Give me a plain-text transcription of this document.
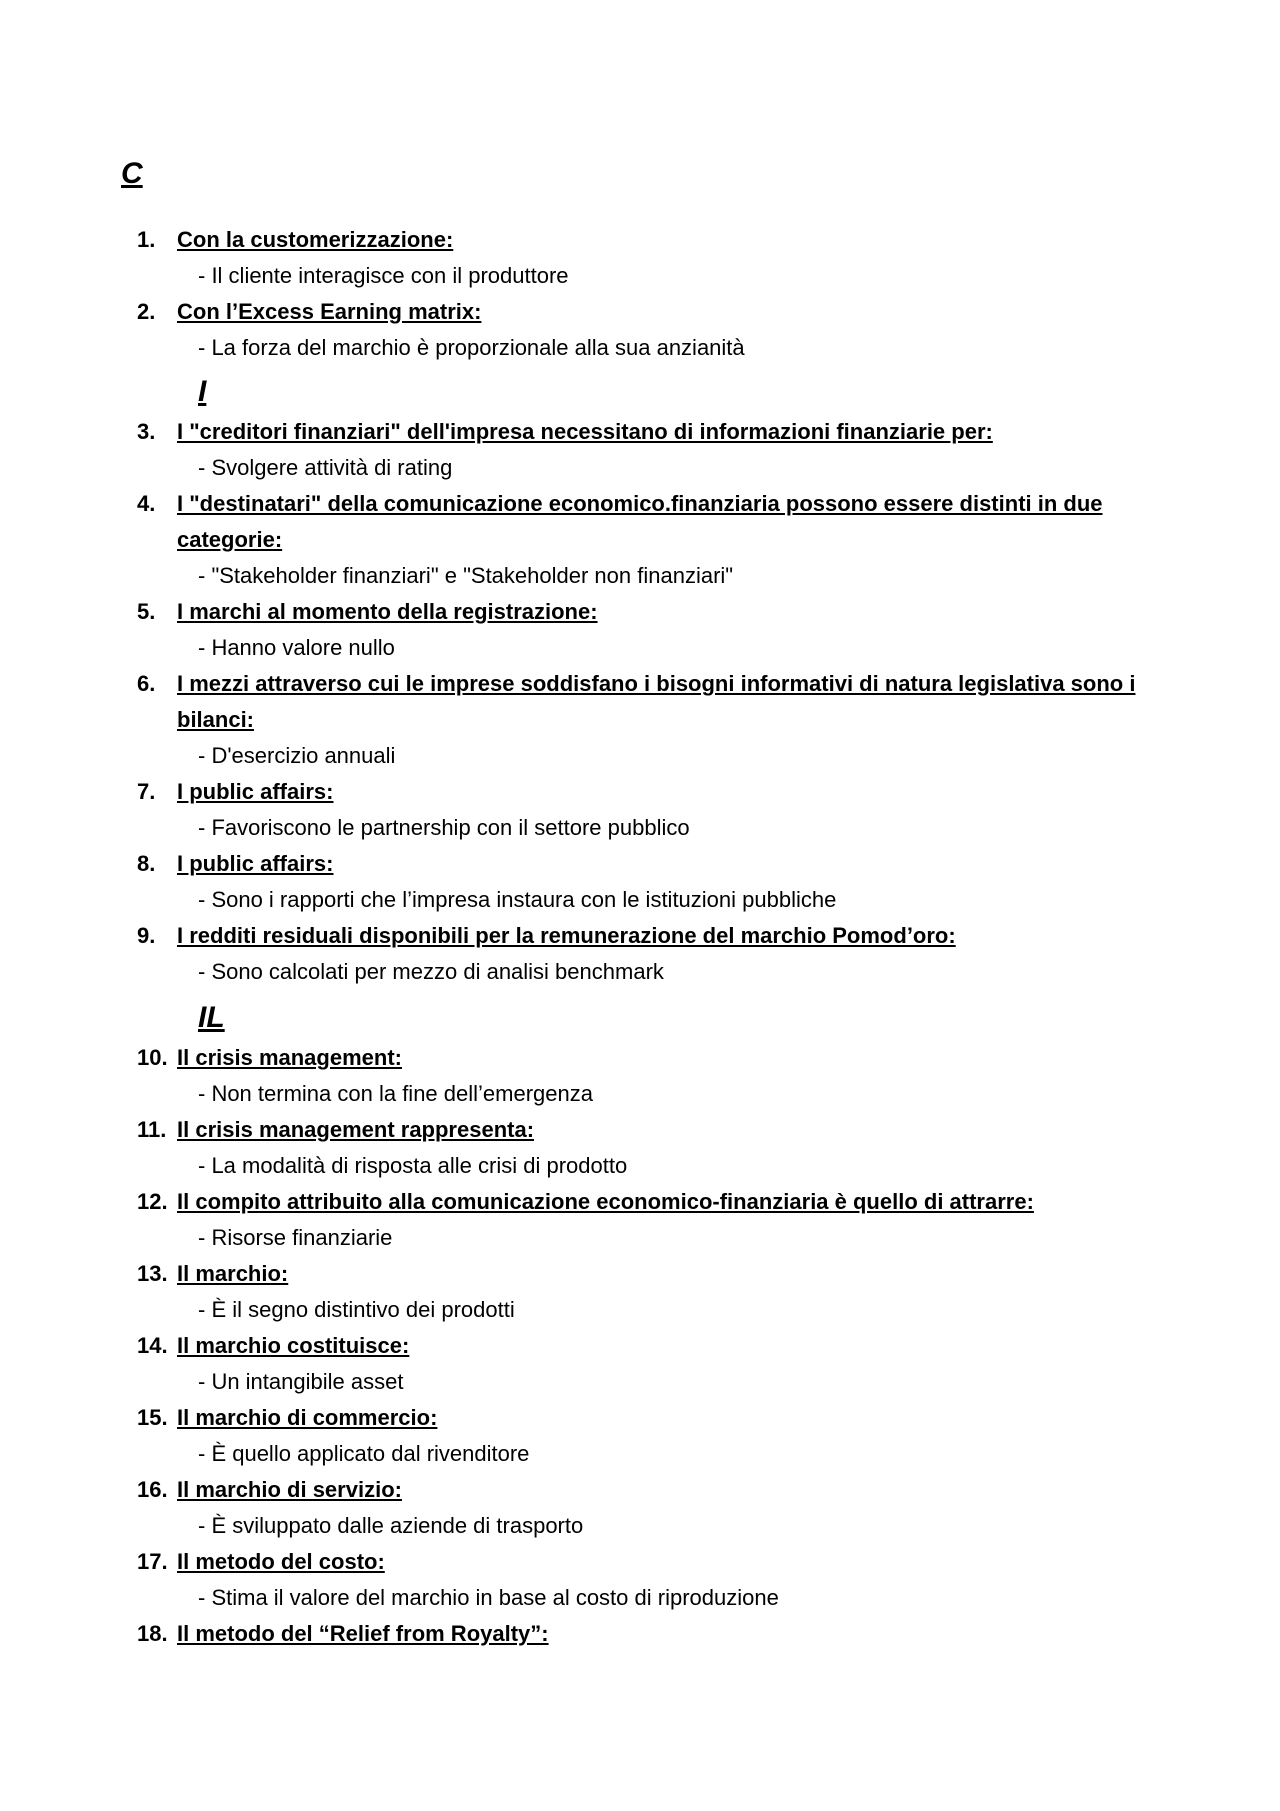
C
1. Con la customerizzazione:
- Il cliente interagisce con il produttore
2. Con l’Excess Earning matrix:
- La forza del marchio è proporzionale alla sua anzianità
I
3. I "creditori finanziari" dell'impresa necessitano di informazioni finanziarie per:
- Svolgere attività di rating
4. I "destinatari" della comunicazione economico.finanziaria possono essere distinti in due categorie:
- "Stakeholder finanziari" e "Stakeholder non finanziari"
5. I marchi al momento della registrazione:
- Hanno valore nullo
6. I mezzi attraverso cui le imprese soddisfano i bisogni informativi di natura legislativa sono i bilanci:
- D'esercizio annuali
7. I public affairs:
- Favoriscono le partnership con il settore pubblico
8. I public affairs:
- Sono i rapporti che l’impresa instaura con le istituzioni pubbliche
9. I redditi residuali disponibili per la remunerazione del marchio Pomod’oro:
- Sono calcolati per mezzo di analisi benchmark
IL
10. Il crisis management:
- Non termina con la fine dell’emergenza
11. Il crisis management rappresenta:
- La modalità di risposta alle crisi di prodotto
12. Il compito attribuito alla comunicazione economico-finanziaria è quello di attrarre:
- Risorse finanziarie
13. Il marchio:
- È il segno distintivo dei prodotti
14. Il marchio costituisce:
- Un intangibile asset
15. Il marchio di commercio:
- È quello applicato dal rivenditore
16. Il marchio di servizio:
- È sviluppato dalle aziende di trasporto
17. Il metodo del costo:
- Stima il valore del marchio in base al costo di riproduzione
18. Il metodo del “Relief from Royalty”:
